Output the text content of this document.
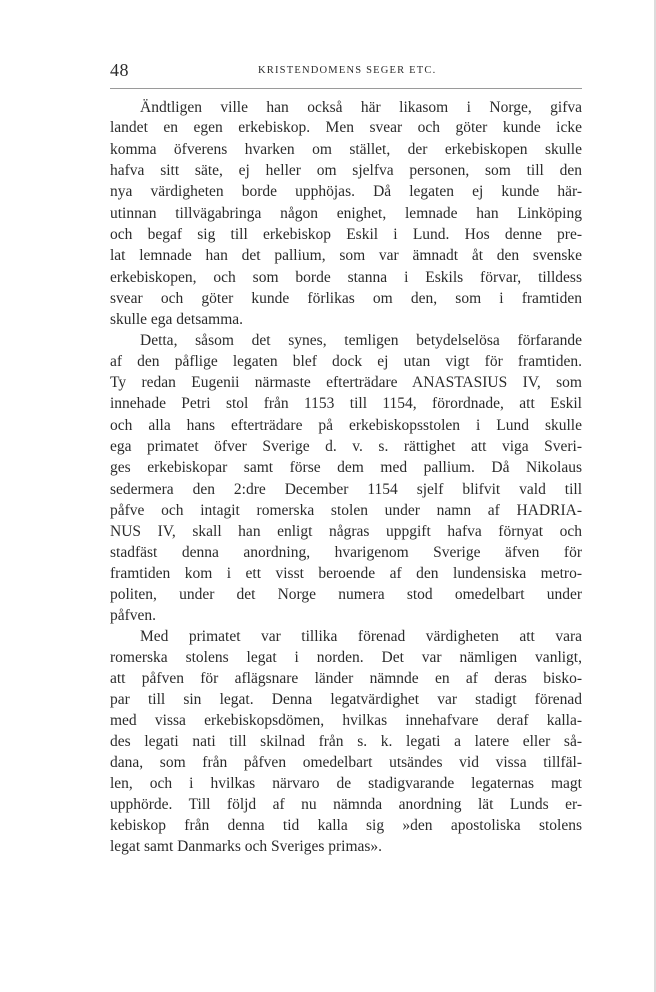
48	KRISTENDOMENS SEGER ETC.
Ändtligen ville han också här likasom i Norge, gifva
landet en egen erkebiskop. Men svear och göter kunde icke
komma öfverens hvarken om stället, der erkebiskopen skulle
hafva sitt säte, ej heller om sjelfva personen, som till den
nya värdigheten borde upphöjas. Då legaten ej kunde här-
utinnan tillvägabringa någon enighet, lemnade han Linköping
och begaf sig till erkebiskop Eskil i Lund. Hos denne pre-
lat lemnade han det pallium, som var ämnadt åt den svenske
erkebiskopen, och som borde stanna i Eskils förvar, tilldess
svear och göter kunde förlikas om den, som i framtiden
skulle ega detsamma.
Detta, såsom det synes, temligen betydelselösa förfarande
af den påflige legaten blef dock ej utan vigt för framtiden.
Ty redan Eugenii närmaste efterträdare ANASTASIUS IV, som
innehade Petri stol från 1153 till 1154, förordnade, att Eskil
och alla hans efterträdare på erkebiskopsstolen i Lund skulle
ega primatet öfver Sverige d. v. s. rättighet att viga Sveri-
ges erkebiskopar samt förse dem med pallium. Då Nikolaus
sedermera den 2:dre December 1154 sjelf blifvit vald till
påfve och intagit romerska stolen under namn af HADRIA-
NUS IV, skall han enligt någras uppgift hafva förnyat och
stadfäst denna anordning, hvarigenom Sverige äfven för
framtiden kom i ett visst beroende af den lundensiska metro-
politen, under det Norge numera stod omedelbart under
påfven.
Med primatet var tillika förenad värdigheten att vara
romerska stolens legat i norden. Det var nämligen vanligt,
att påfven för aflägsnare länder nämnde en af deras bisko-
par till sin legat. Denna legatvärdighet var stadigt förenad
med vissa erkebiskopsdömen, hvilkas innehafvare deraf kalla-
des legati nati till skilnad från s. k. legati a latere eller så-
dana, som från påfven omedelbart utsändes vid vissa tillfäl-
len, och i hvilkas närvaro de stadigvarande legaternas magt
upphörde. Till följd af nu nämnda anordning lät Lunds er-
kebiskop från denna tid kalla sig »den apostoliska stolens
legat samt Danmarks och Sveriges primas».
